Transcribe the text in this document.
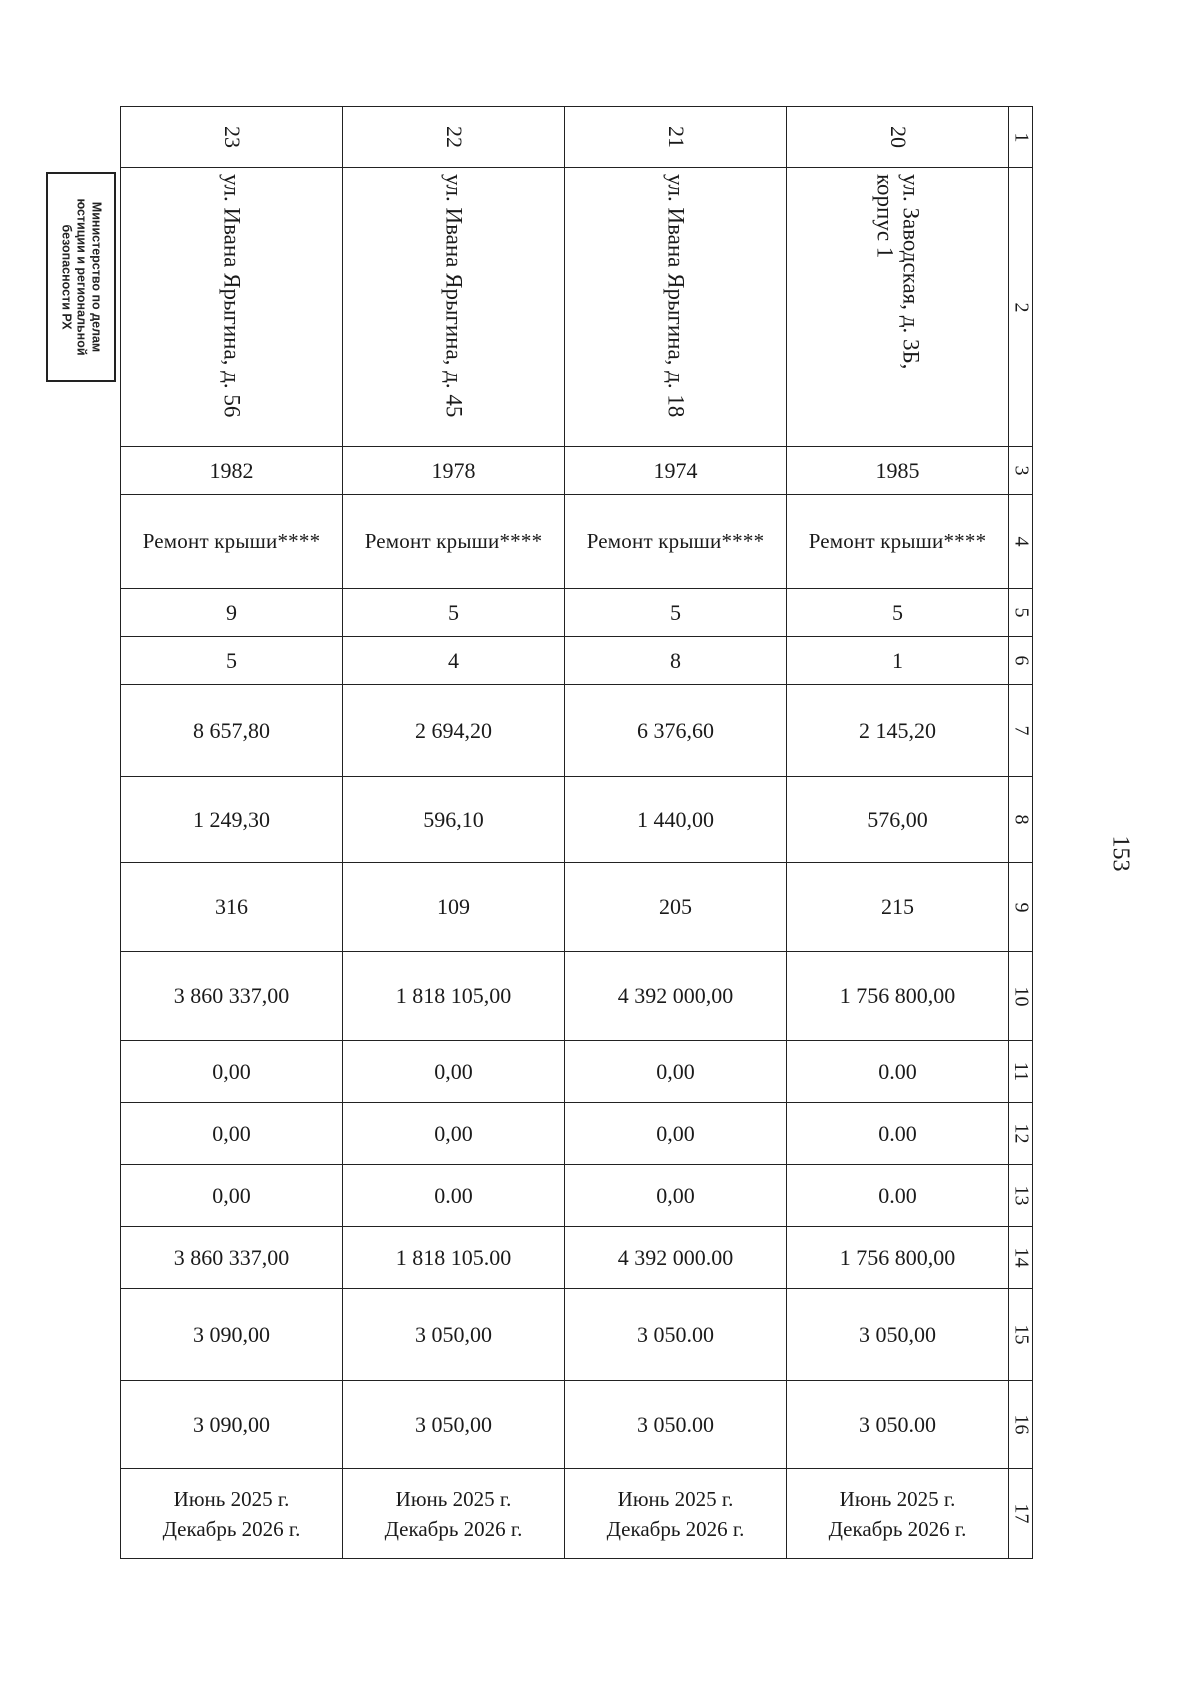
Министерство по делам
юстиции и региональной
безопасности РХ
23	22	21	20	1

ул. Ивана Ярыгина, д. 56	ул. Ивана Ярыгина, д. 45	ул. Ивана Ярыгина, д. 18	ул. Заводская, д. 3Б,
корпус 1	2
1982	1978	1974	1985	3
Ремонт крыши****	Ремонт крыши****	Ремонт крыши****	Ремонт крыши****	4
9	5	5	5	5
5	4	8	1	6
8 657,80	2 694,20	6 376,60	2 145,20	7
1 249,30	596,10	1 440,00	576,00	8
316	109	205	215	9
3 860 337,00	1 818 105,00	4 392 000,00	1 756 800,00	10
0,00	0,00	0,00	0.00	11
0,00	0,00	0,00	0.00	12
0,00	0.00	0,00	0.00	13
3 860 337,00	1 818 105.00	4 392 000.00	1 756 800,00	14
3 090,00	3 050,00	3 050.00	3 050,00	15
3 090,00	3 050,00	3 050.00	3 050.00	16

Июнь 2025 г.
Декабрь 2026 г.	Июнь 2025 г.
Декабрь 2026 г.	Июнь 2025 г.
Декабрь 2026 г.	Июнь 2025 г.
Декабрь 2026 г.	17
153
